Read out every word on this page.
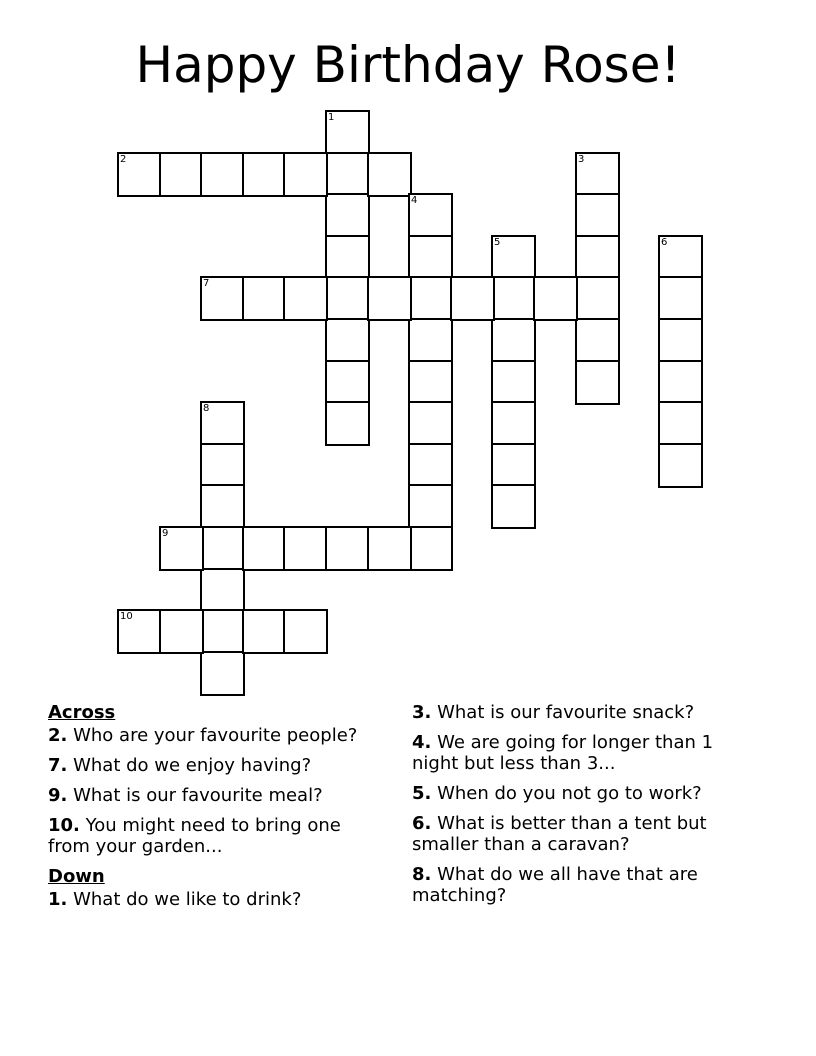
Happy Birthday Rose!
1
2	3
4
5	6
7
8
9
10
Across
2. Who are your favourite people?
7. What do we enjoy having?
9. What is our favourite meal?
10. You might need to bring one from your garden...
Down
1. What do we like to drink?
3. What is our favourite snack?
4. We are going for longer than 1 night but less than 3...
5. When do you not go to work?
6. What is better than a tent but smaller than a caravan?
8. What do we all have that are matching?
